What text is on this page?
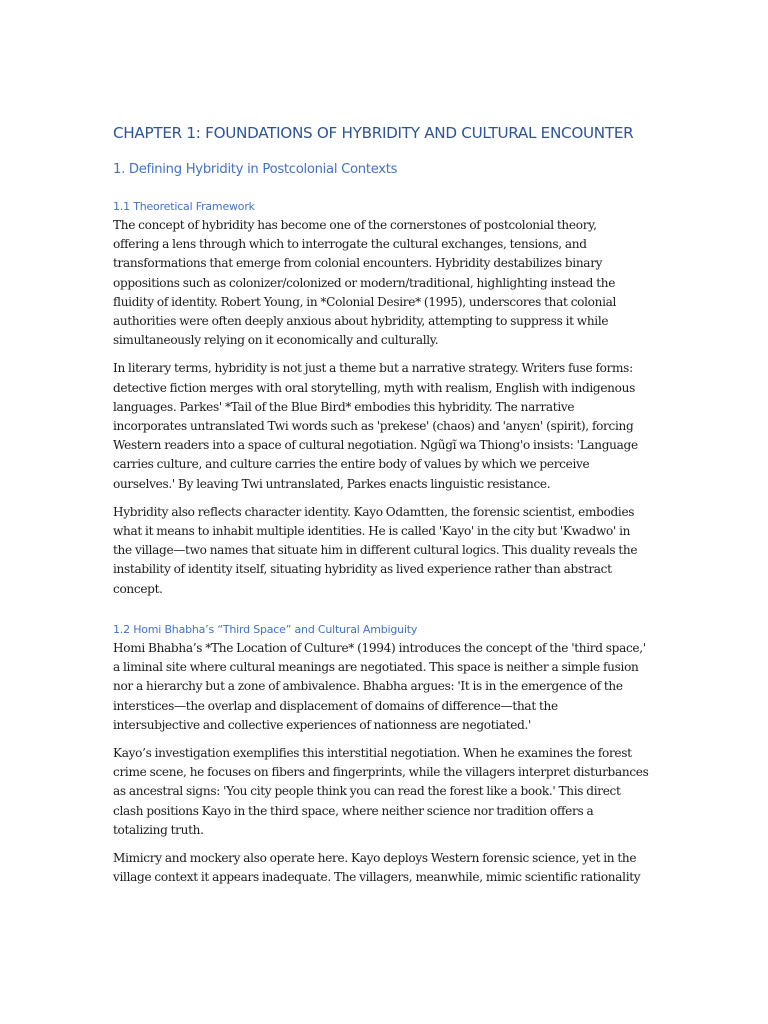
CHAPTER 1: FOUNDATIONS OF HYBRIDITY AND CULTURAL ENCOUNTER
1. Defining Hybridity in Postcolonial Contexts
1.1 Theoretical Framework

The concept of hybridity has become one of the cornerstones of postcolonial theory,
offering a lens through which to interrogate the cultural exchanges, tensions, and
transformations that emerge from colonial encounters. Hybridity destabilizes binary
oppositions such as colonizer/colonized or modern/traditional, highlighting instead the
fluidity of identity. Robert Young, in *Colonial Desire* (1995), underscores that colonial
authorities were often deeply anxious about hybridity, attempting to suppress it while
simultaneously relying on it economically and culturally.

In literary terms, hybridity is not just a theme but a narrative strategy. Writers fuse forms:
detective fiction merges with oral storytelling, myth with realism, English with indigenous
languages. Parkes' *Tail of the Blue Bird* embodies this hybridity. The narrative
incorporates untranslated Twi words such as 'prekese' (chaos) and 'anyɛn' (spirit), forcing
Western readers into a space of cultural negotiation. Ngũgĩ wa Thiong'o insists: 'Language
carries culture, and culture carries the entire body of values by which we perceive
ourselves.' By leaving Twi untranslated, Parkes enacts linguistic resistance.

Hybridity also reflects character identity. Kayo Odamtten, the forensic scientist, embodies
what it means to inhabit multiple identities. He is called 'Kayo' in the city but 'Kwadwo' in
the village—two names that situate him in different cultural logics. This duality reveals the
instability of identity itself, situating hybridity as lived experience rather than abstract
concept.

1.2 Homi Bhabha’s “Third Space” and Cultural Ambiguity

Homi Bhabha’s *The Location of Culture* (1994) introduces the concept of the 'third space,'
a liminal site where cultural meanings are negotiated. This space is neither a simple fusion
nor a hierarchy but a zone of ambivalence. Bhabha argues: 'It is in the emergence of the
interstices—the overlap and displacement of domains of difference—that the
intersubjective and collective experiences of nationness are negotiated.'

Kayo’s investigation exemplifies this interstitial negotiation. When he examines the forest
crime scene, he focuses on fibers and fingerprints, while the villagers interpret disturbances
as ancestral signs: 'You city people think you can read the forest like a book.' This direct
clash positions Kayo in the third space, where neither science nor tradition offers a
totalizing truth.

Mimicry and mockery also operate here. Kayo deploys Western forensic science, yet in the
village context it appears inadequate. The villagers, meanwhile, mimic scientific rationality
